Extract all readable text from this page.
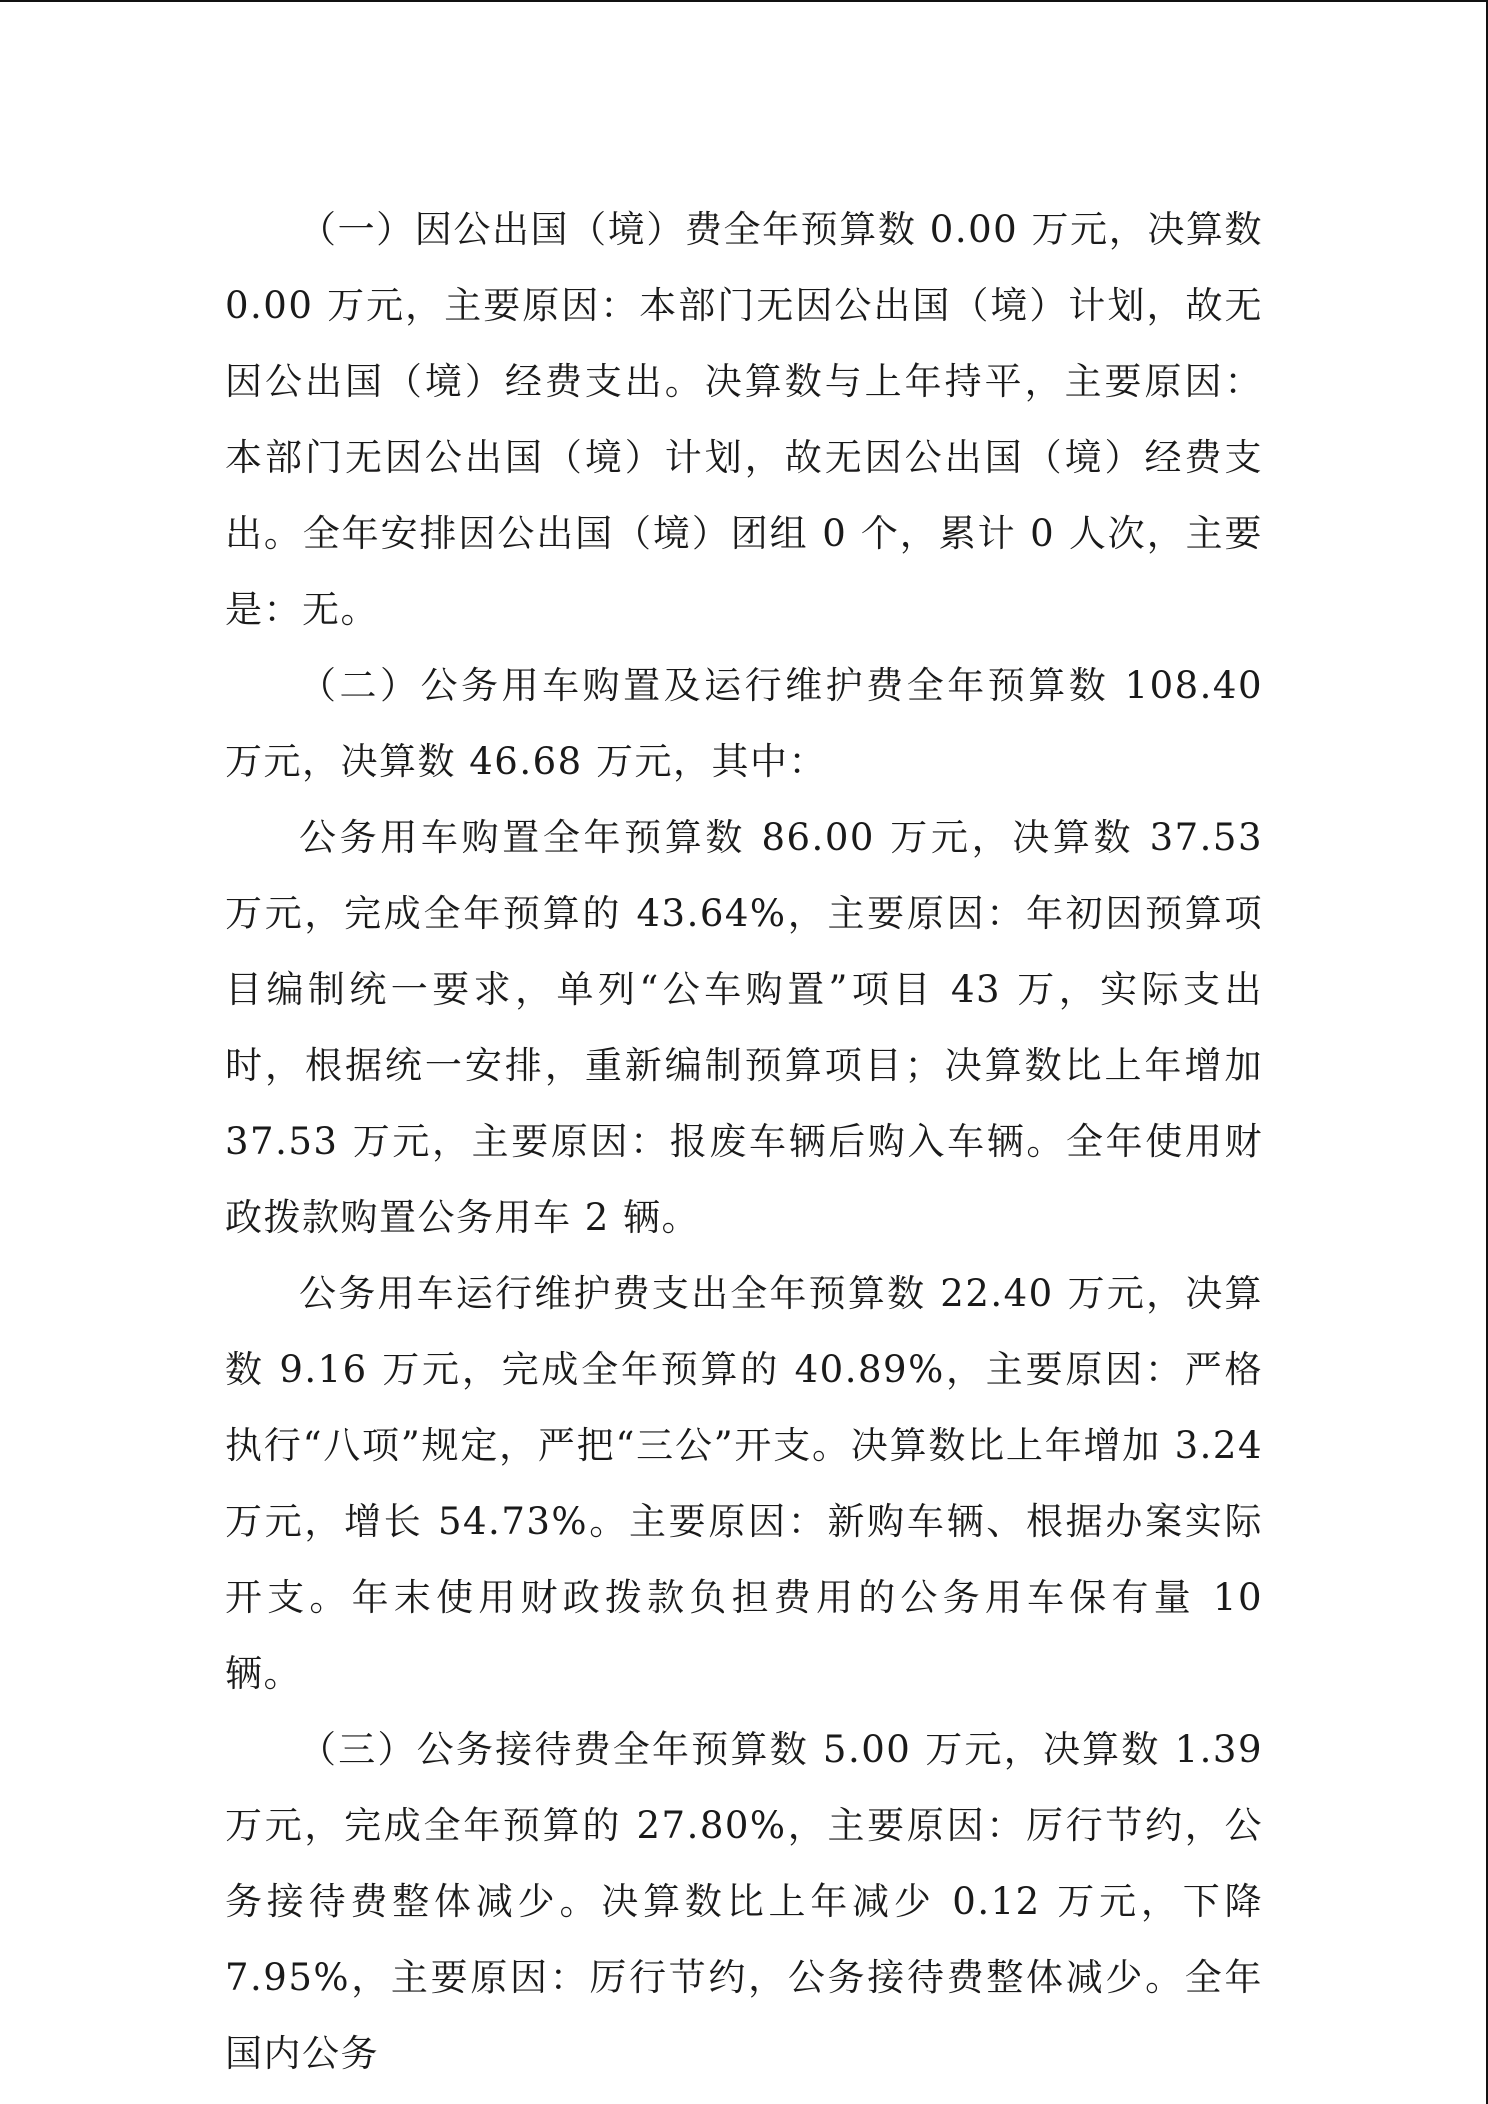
（一）因公出国（境）费全年预算数 0.00 万元，决算数 0.00 万元，主要原因：本部门无因公出国（境）计划，故无因公出国（境）经费支出。决算数与上年持平，主要原因：本部门无因公出国（境）计划，故无因公出国（境）经费支出。全年安排因公出国（境）团组 0 个，累计 0 人次，主要是：无。

（二）公务用车购置及运行维护费全年预算数 108.40 万元，决算数 46.68 万元，其中：

公务用车购置全年预算数 86.00 万元，决算数 37.53 万元，完成全年预算的 43.64%，主要原因：年初因预算项目编制统一要求，单列“公车购置”项目 43 万，实际支出时，根据统一安排，重新编制预算项目；决算数比上年增加 37.53 万元，主要原因：报废车辆后购入车辆。全年使用财政拨款购置公务用车 2 辆。

公务用车运行维护费支出全年预算数 22.40 万元，决算数 9.16 万元，完成全年预算的 40.89%，主要原因：严格执行“八项”规定，严把“三公”开支。决算数比上年增加 3.24 万元，增长 54.73%。主要原因：新购车辆、根据办案实际开支。年末使用财政拨款负担费用的公务用车保有量 10 辆。

（三）公务接待费全年预算数 5.00 万元，决算数 1.39 万元，完成全年预算的 27.80%，主要原因：厉行节约，公务接待费整体减少。决算数比上年减少 0.12 万元，下降 7.95%，主要原因：厉行节约，公务接待费整体减少。全年国内公务
